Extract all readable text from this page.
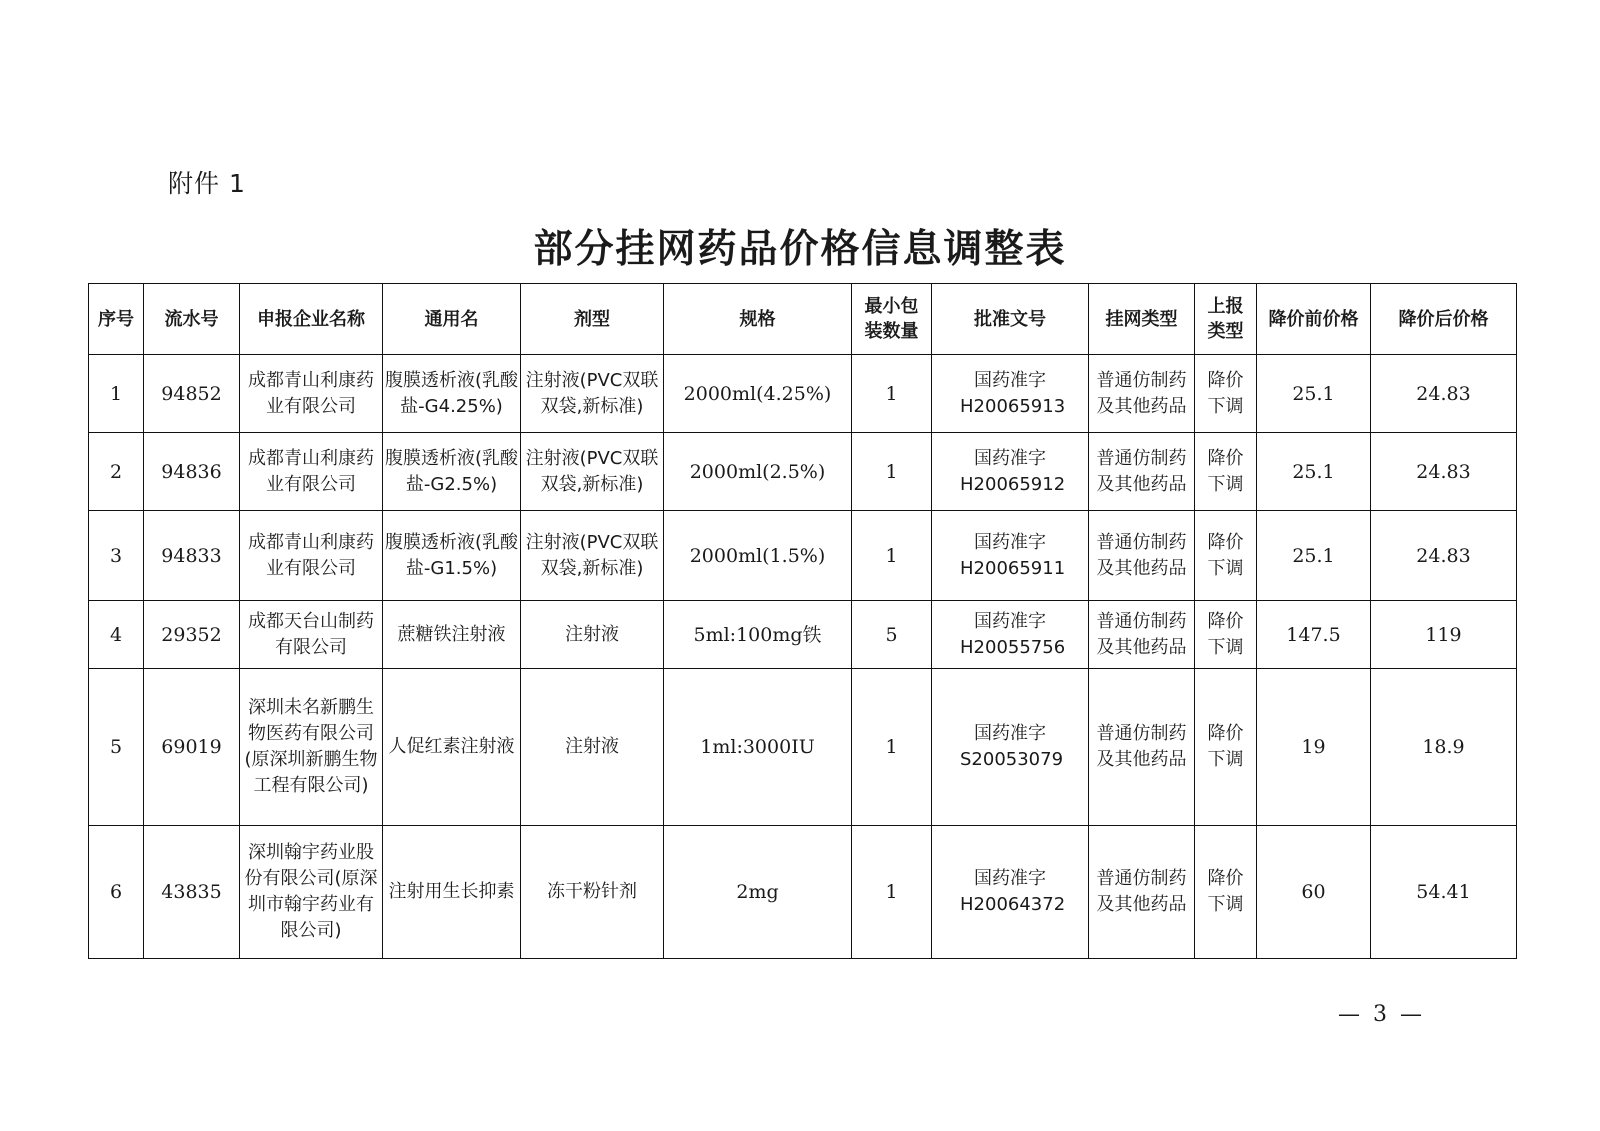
附件 1
部分挂网药品价格信息调整表
序号	流水号	申报企业名称	通用名	剂型	规格	最小包装数量	批准文号	挂网类型	上报类型	降价前价格	降价后价格
1	94852	成都青山利康药业有限公司	腹膜透析液(乳酸盐-G4.25%)	注射液(PVC双联双袋,新标准)	2000ml(4.25%)	1	国药准字H20065913	普通仿制药及其他药品	降价下调	25.1	24.83
2	94836	成都青山利康药业有限公司	腹膜透析液(乳酸盐-G2.5%)	注射液(PVC双联双袋,新标准)	2000ml(2.5%)	1	国药准字H20065912	普通仿制药及其他药品	降价下调	25.1	24.83
3	94833	成都青山利康药业有限公司	腹膜透析液(乳酸盐-G1.5%)	注射液(PVC双联双袋,新标准)	2000ml(1.5%)	1	国药准字H20065911	普通仿制药及其他药品	降价下调	25.1	24.83
4	29352	成都天台山制药有限公司	蔗糖铁注射液	注射液	5ml:100mg铁	5	国药准字H20055756	普通仿制药及其他药品	降价下调	147.5	119
5	69019	深圳未名新鹏生物医药有限公司(原深圳新鹏生物工程有限公司)	人促红素注射液	注射液	1ml:3000IU	1	国药准字S20053079	普通仿制药及其他药品	降价下调	19	18.9
6	43835	深圳翰宇药业股份有限公司(原深圳市翰宇药业有限公司)	注射用生长抑素	冻干粉针剂	2mg	1	国药准字H20064372	普通仿制药及其他药品	降价下调	60	54.41
— 3 —
